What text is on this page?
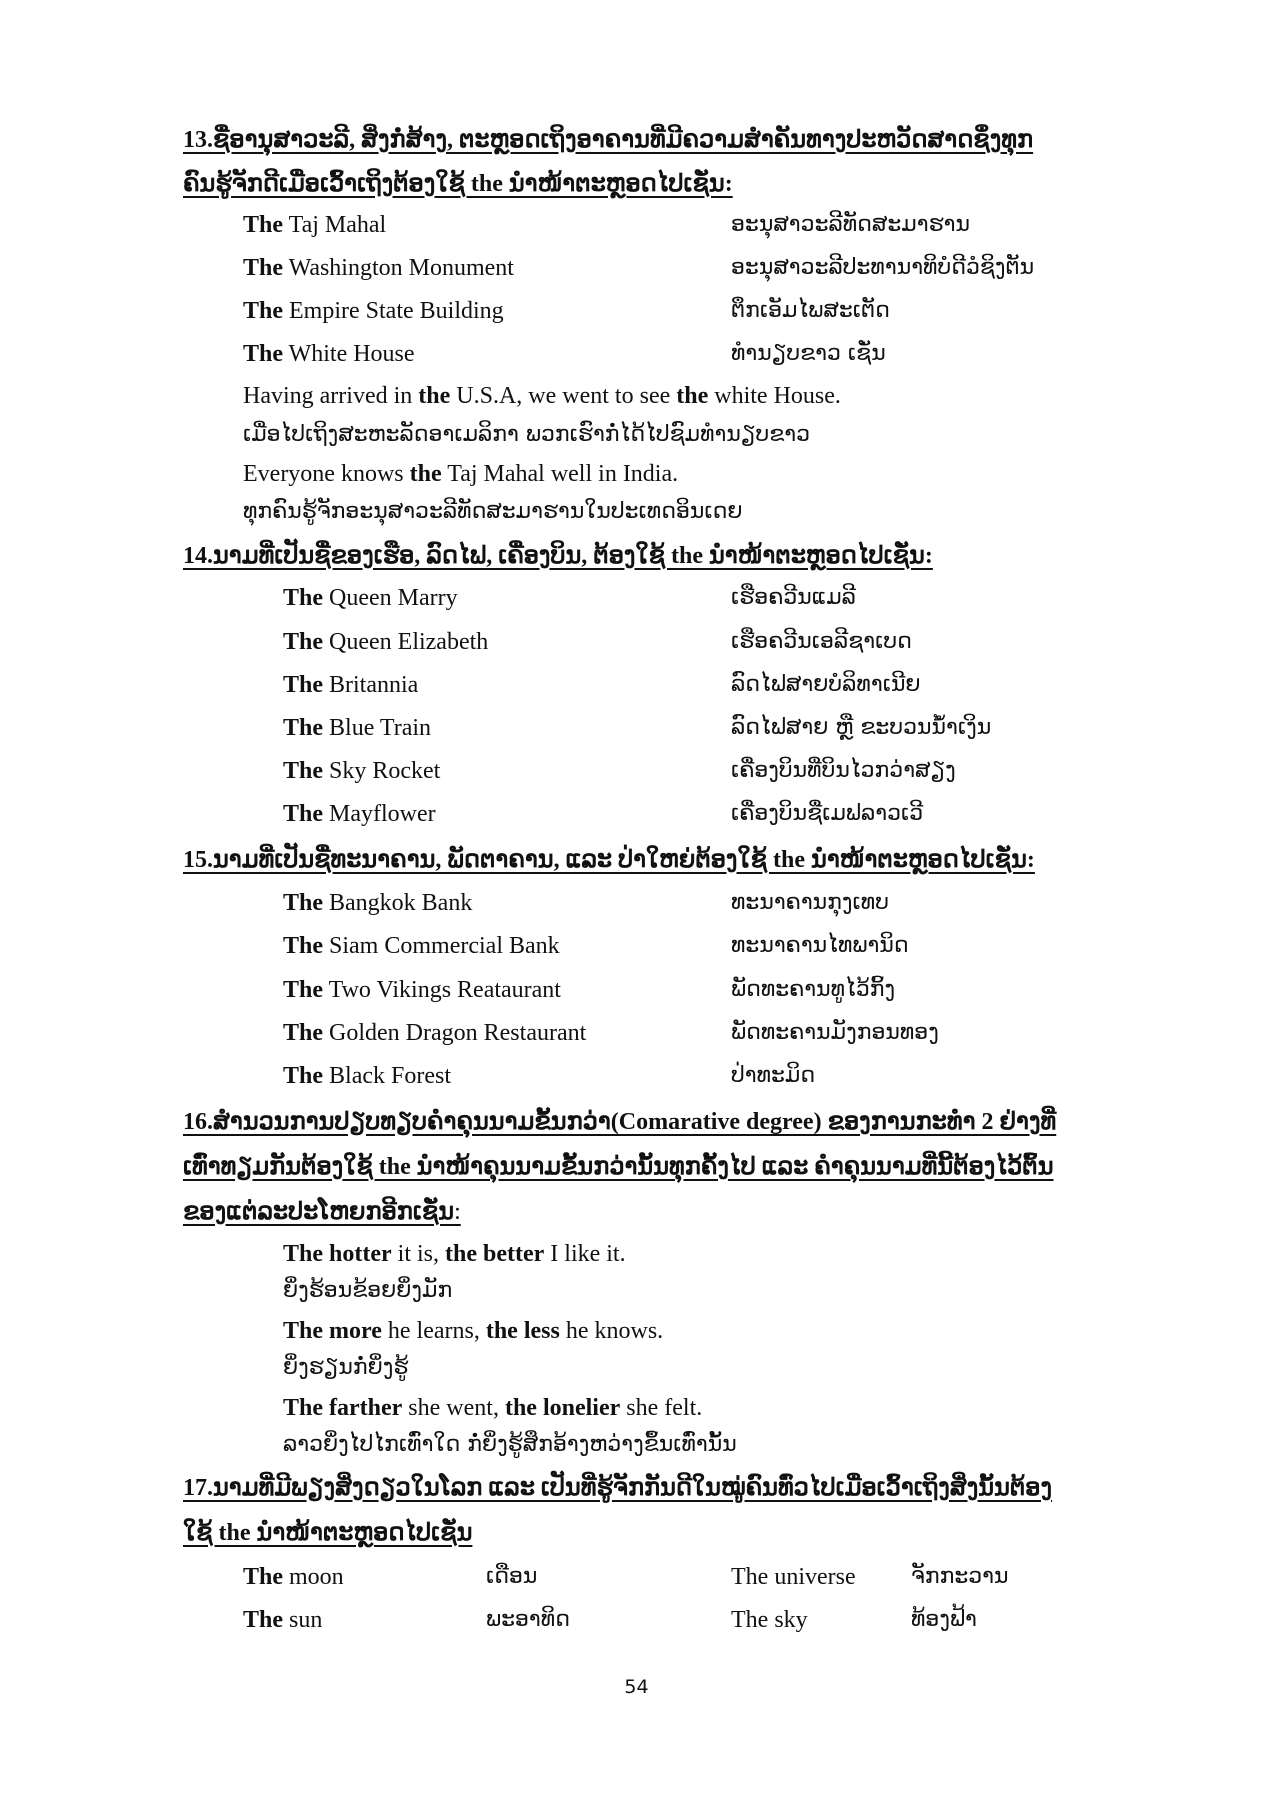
13.ຊື່ອານຸສາວະລີ, ສິ່ງກໍ່ສ້າງ, ຕະຫຼອດເຖິງອາຄານທີ່ມີຄວາມສຳຄັນທາງປະຫວັດສາດຊຶ່ງທຸກ
ຄົນຮູ້ຈັກດີເມື່ອເວົ້າເຖິງຕ້ອງໃຊ້ the ນຳໜ້າຕະຫຼອດໄປເຊັ່ນ:
The Taj Mahal	ອະນຸສາວະລີທັດສະມາຮານ
The Washington Monument	ອະນຸສາວະລີປະທານາທິບໍດີວໍຊິງຕັນ
The Empire State Building	ຕຶກເອັມໄພສະເຕັດ
The White House	ທຳນຽບຂາວ ເຊັ່ນ
Having arrived in the U.S.A, we went to see the white House.
ເມື່ອໄປເຖິງສະຫະລັດອາເມລິກາ ພວກເຮົາກໍ່ໄດ້ໄປຊົມທຳນຽບຂາວ
Everyone knows the Taj Mahal well in India.
ທຸກຄົນຮູ້ຈັກອະນຸສາວະລີທັດສະມາຮານໃນປະເທດອິນເດຍ
14.ນາມທີ່ເປັນຊື່ຂອງເຮືອ, ລົດໄຟ, ເຄື່ອງບິນ, ຕ້ອງໃຊ້ the ນຳໜ້າຕະຫຼອດໄປເຊັ່ນ:
The Queen Marry	ເຮືອຄວີນແມລີ
The Queen Elizabeth	ເຮືອຄວີນເອລີຊາເບດ
The Britannia	ລົດໄຟສາຍບໍລິທາເນີຍ
The Blue Train	ລົດໄຟສາຍ ຫຼື ຂະບວນນ້ຳເງິນ
The Sky Rocket	ເຄື່ອງບິນທີ່ບິນໄວກວ່າສຽງ
The Mayflower	ເຄື່ອງບິນຊື່ເມຟລາວເວີ
15.ນາມທີ່ເປັນຊື່ທະນາຄານ, ພັດຕາຄານ, ແລະ ປ່າໃຫຍ່ຕ້ອງໃຊ້ the ນຳໜ້າຕະຫຼອດໄປເຊັ່ນ:
The Bangkok Bank	ທະນາຄານກຸງເທບ
The Siam Commercial Bank	ທະນາຄານໄທພານິດ
The Two Vikings Reataurant	ພັດທະຄານທູໄວ້ກິ້ງ
The Golden Dragon Restaurant	ພັດທະຄານມັງກອນທອງ
The Black Forest	ປ່າທະມິດ
16.ສຳນວນການປຽບທຽບຄຳຄຸນນາມຂັ້ນກວ່າ(Comarative degree) ຂອງການກະທຳ 2 ຢ່າງທີ່
ເທົ່າທຽມກັນຕ້ອງໃຊ້ the ນຳໜ້າຄຸນນາມຂັ້ນກວ່ານັ້ນທຸກຄັ້ງໄປ ແລະ ຄຳຄຸນນາມທີ່ນີ້ຕ້ອງໄວ້ຕົ້ນ
ຂອງແຕ່ລະປະໂຫຍກອີກເຊັ່ນ:
The hotter it is, the better I like it.
ຍິ່ງຮ້ອນຂ້ອຍຍິ່ງມັກ
The more he learns, the less he knows.
ຍິ່ງຮຽນກໍ່ຍິ່ງຮູ້
The farther she went, the lonelier she felt.
ລາວຍິ່ງໄປໄກເທົ່າໃດ ກໍ່ຍິ່ງຮູ້ສຶກອ້າງຫວ່າງຂຶ້ນເທົ່ານັ້ນ
17.ນາມທີ່ມີພຽງສິ່ງດຽວໃນໂລກ ແລະ ເປັນທີ່ຮູ້ຈັກກັນດີໃນໝູ່ຄົນທົ່ວໄປເມື່ອເວົ້າເຖິງສິ່ງນັ້ນຕ້ອງ
ໃຊ້ the ນຳໜ້າຕະຫຼອດໄປເຊັ່ນ
The moon	ເດືອນ	The universe	ຈັກກະວານ
The sun	ພະອາທິດ	The sky	ທ້ອງຟ້າ
54
